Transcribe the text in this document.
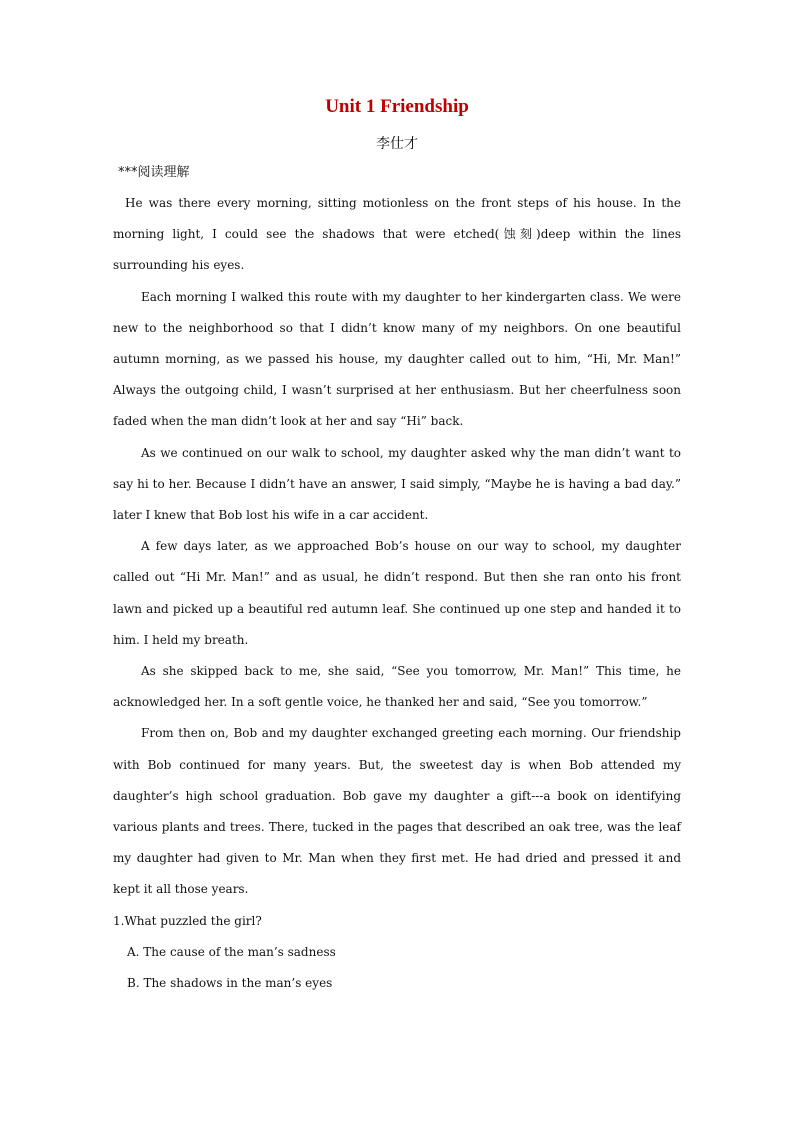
Unit 1 Friendship
李仕才
***阅读理解

He was there every morning, sitting motionless on the front steps of his house. In the morning light, I could see the shadows that were etched(蚀刻)deep within the lines surrounding his eyes.

Each morning I walked this route with my daughter to her kindergarten class. We were new to the neighborhood so that I didn’t know many of my neighbors. On one beautiful autumn morning, as we passed his house, my daughter called out to him, “Hi, Mr. Man!” Always the outgoing child, I wasn’t surprised at her enthusiasm. But her cheerfulness soon faded when the man didn’t look at her and say “Hi” back.

As we continued on our walk to school, my daughter asked why the man didn’t want to say hi to her. Because I didn’t have an answer, I said simply, “Maybe he is having a bad day.” later I knew that Bob lost his wife in a car accident.

A few days later, as we approached Bob’s house on our way to school, my daughter called out “Hi Mr. Man!” and as usual, he didn’t respond. But then she ran onto his front lawn and picked up a beautiful red autumn leaf. She continued up one step and handed it to him. I held my breath.

As she skipped back to me, she said, “See you tomorrow, Mr. Man!” This time, he acknowledged her. In a soft gentle voice, he thanked her and said, “See you tomorrow.”

From then on, Bob and my daughter exchanged greeting each morning. Our friendship with Bob continued for many years. But, the sweetest day is when Bob attended my daughter’s high school graduation. Bob gave my daughter a gift---a book on identifying various plants and trees. There, tucked in the pages that described an oak tree, was the leaf my daughter had given to Mr. Man when they first met. He had dried and pressed it and kept it all those years.

1.What puzzled the girl?
A. The cause of the man’s sadness
B. The shadows in the man’s eyes
